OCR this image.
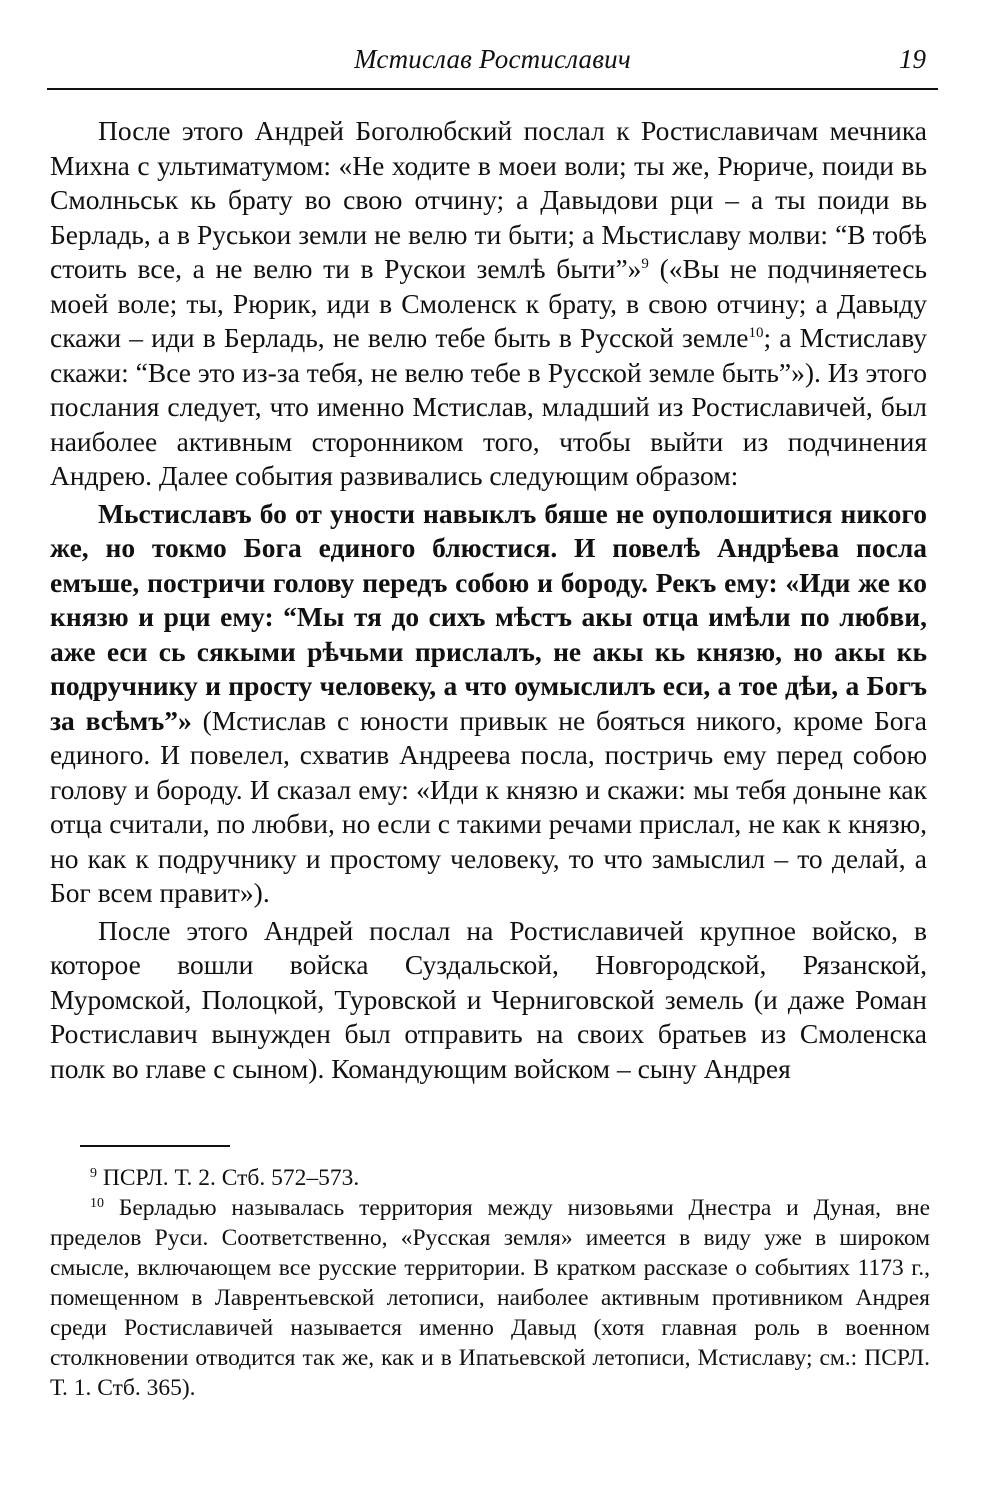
Мстислав Ростиславич	19

После этого Андрей Боголюбский послал к Ростиславичам мечника Михна с ультиматумом: «Не ходите в моеи воли; ты же, Рюриче, поиди вь Смолньськ кь брату во свою отчину; а Давыдови рци – а ты поиди вь Берладь, а в Руськои земли не велю ти быти; а Мьстиславу молви: “В тобѣ стоить все, а не велю ти в Рускои землѣ быти”»$^9$ («Вы не подчиняетесь моей воле; ты, Рюрик, иди в Смоленск к брату, в свою отчину; а Давыду скажи – иди в Берладь, не велю тебе быть в Русской земле$^{10}$; а Мстиславу скажи: “Все это из-за тебя, не велю тебе в Русской земле быть”»). Из этого послания следует, что именно Мстислав, младший из Ростиславичей, был наиболее активным сторонником того, чтобы выйти из подчинения Андрею. Далее события развивались следующим образом:

Мьстиславъ бо от уности навыклъ бяше не оуполошитися никого же, но токмо Бога единого блюстися. И повелѣ Андрѣева посла емъше, постричи голову передъ собою и бороду. Рекъ ему: «Иди же ко князю и рци ему: “Мы тя до сихъ мѣстъ акы отца имѣли по любви, аже еси сь сякыми рѣчьми прислалъ, не акы кь князю, но акы кь подручнику и просту человеку, а что оумыслилъ еси, а тое дѣи, а Богъ за всѣмъ”» (Мстислав с юности привык не бояться никого, кроме Бога единого. И повелел, схватив Андреева посла, постричь ему перед собою голову и бороду. И сказал ему: «Иди к князю и скажи: мы тебя доныне как отца считали, по любви, но если с такими речами прислал, не как к князю, но как к подручнику и простому человеку, то что замыслил – то делай, а Бог всем правит»).

После этого Андрей послал на Ростиславичей крупное войско, в которое вошли войска Суздальской, Новгородской, Рязанской, Муромской, Полоцкой, Туровской и Черниговской земель (и даже Роман Ростиславич вынужден был отправить на своих братьев из Смоленска полк во главе с сыном). Командующим войском – сыну Андрея

$^9$ ПСРЛ. Т. 2. Стб. 572–573.

$^{10}$ Берладью называлась территория между низовьями Днестра и Дуная, вне пределов Руси. Соответственно, «Русская земля» имеется в виду уже в широком смысле, включающем все русские территории. В кратком рассказе о событиях 1173 г., помещенном в Лаврентьевской летописи, наиболее активным противником Андрея среди Ростиславичей называется именно Давыд (хотя главная роль в военном столкновении отводится так же, как и в Ипатьевской летописи, Мстиславу; см.: ПСРЛ. Т. 1. Стб. 365).
